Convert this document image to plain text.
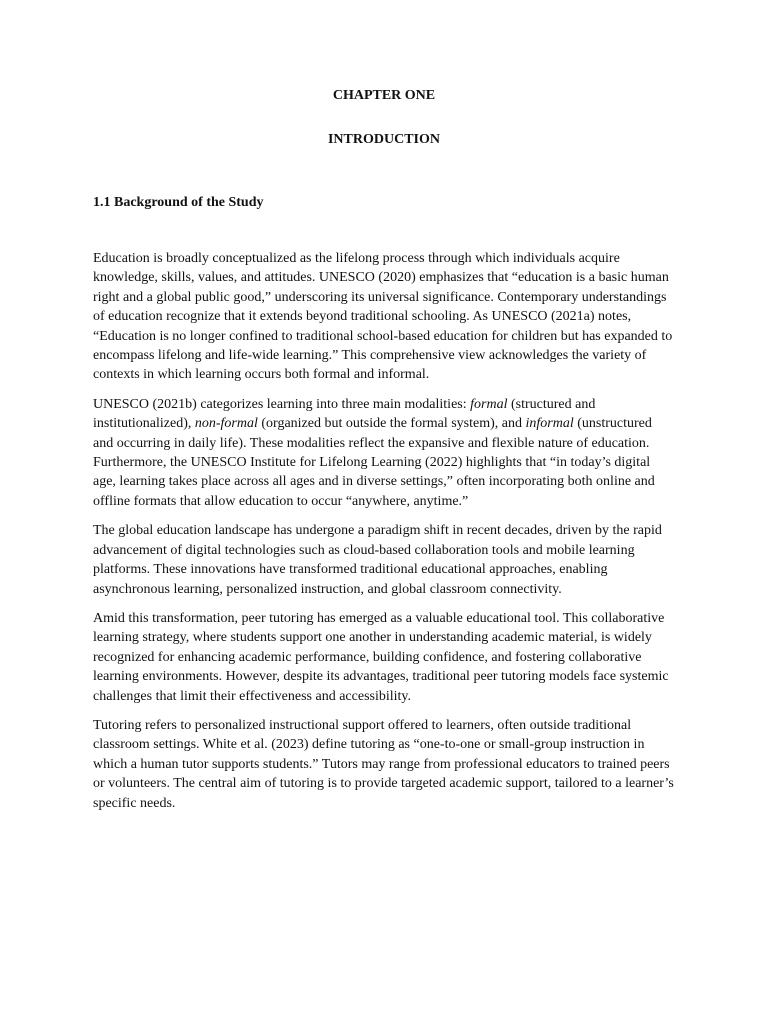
CHAPTER ONE
INTRODUCTION
1.1 Background of the Study

Education is broadly conceptualized as the lifelong process through which individuals acquire knowledge, skills, values, and attitudes. UNESCO (2020) emphasizes that “education is a basic human right and a global public good,” underscoring its universal significance. Contemporary understandings of education recognize that it extends beyond traditional schooling. As UNESCO (2021a) notes, “Education is no longer confined to traditional school-based education for children but has expanded to encompass lifelong and life-wide learning.” This comprehensive view acknowledges the variety of contexts in which learning occurs both formal and informal.

UNESCO (2021b) categorizes learning into three main modalities: formal (structured and institutionalized), non-formal (organized but outside the formal system), and informal (unstructured and occurring in daily life). These modalities reflect the expansive and flexible nature of education. Furthermore, the UNESCO Institute for Lifelong Learning (2022) highlights that “in today’s digital age, learning takes place across all ages and in diverse settings,” often incorporating both online and offline formats that allow education to occur “anywhere, anytime.”

The global education landscape has undergone a paradigm shift in recent decades, driven by the rapid advancement of digital technologies such as cloud-based collaboration tools and mobile learning platforms. These innovations have transformed traditional educational approaches, enabling asynchronous learning, personalized instruction, and global classroom connectivity.

Amid this transformation, peer tutoring has emerged as a valuable educational tool. This collaborative learning strategy, where students support one another in understanding academic material, is widely recognized for enhancing academic performance, building confidence, and fostering collaborative learning environments. However, despite its advantages, traditional peer tutoring models face systemic challenges that limit their effectiveness and accessibility.

Tutoring refers to personalized instructional support offered to learners, often outside traditional classroom settings. White et al. (2023) define tutoring as “one-to-one or small-group instruction in which a human tutor supports students.” Tutors may range from professional educators to trained peers or volunteers. The central aim of tutoring is to provide targeted academic support, tailored to a learner’s specific needs.
